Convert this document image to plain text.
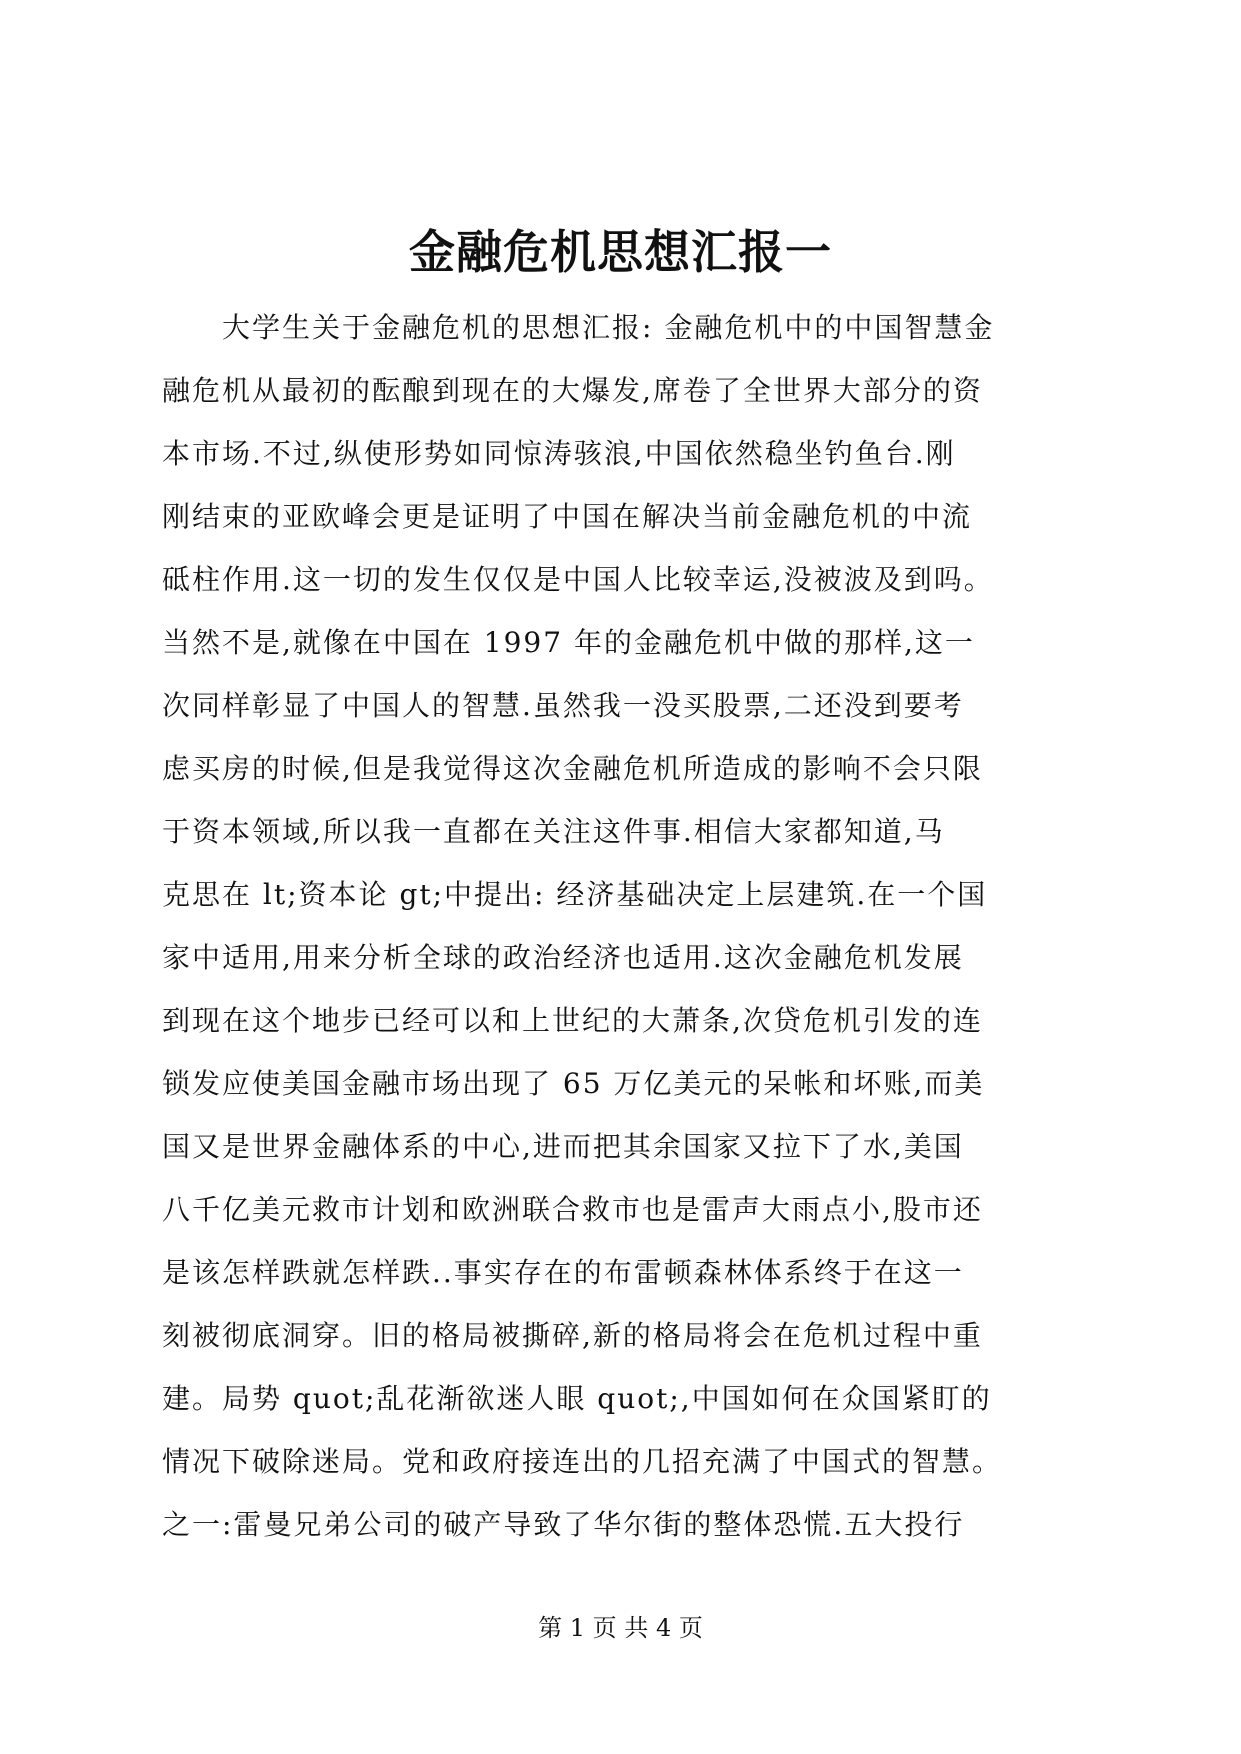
金融危机思想汇报一
　　大学生关于金融危机的思想汇报: 金融危机中的中国智慧金
融危机从最初的酝酿到现在的大爆发,席卷了全世界大部分的资
本市场.不过,纵使形势如同惊涛骇浪,中国依然稳坐钓鱼台.刚
刚结束的亚欧峰会更是证明了中国在解决当前金融危机的中流
砥柱作用.这一切的发生仅仅是中国人比较幸运,没被波及到吗。
当然不是,就像在中国在 1997 年的金融危机中做的那样,这一
次同样彰显了中国人的智慧.虽然我一没买股票,二还没到要考
虑买房的时候,但是我觉得这次金融危机所造成的影响不会只限
于资本领域,所以我一直都在关注这件事.相信大家都知道,马
克思在 lt;资本论 gt;中提出: 经济基础决定上层建筑.在一个国
家中适用,用来分析全球的政治经济也适用.这次金融危机发展
到现在这个地步已经可以和上世纪的大萧条,次贷危机引发的连
锁发应使美国金融市场出现了 65 万亿美元的呆帐和坏账,而美
国又是世界金融体系的中心,进而把其余国家又拉下了水,美国
八千亿美元救市计划和欧洲联合救市也是雷声大雨点小,股市还
是该怎样跌就怎样跌..事实存在的布雷顿森林体系终于在这一
刻被彻底洞穿。旧的格局被撕碎,新的格局将会在危机过程中重
建。局势 quot;乱花渐欲迷人眼 quot;,中国如何在众国紧盯的
情况下破除迷局。党和政府接连出的几招充满了中国式的智慧。
之一:雷曼兄弟公司的破产导致了华尔街的整体恐慌.五大投行
第 1 页 共 4 页
